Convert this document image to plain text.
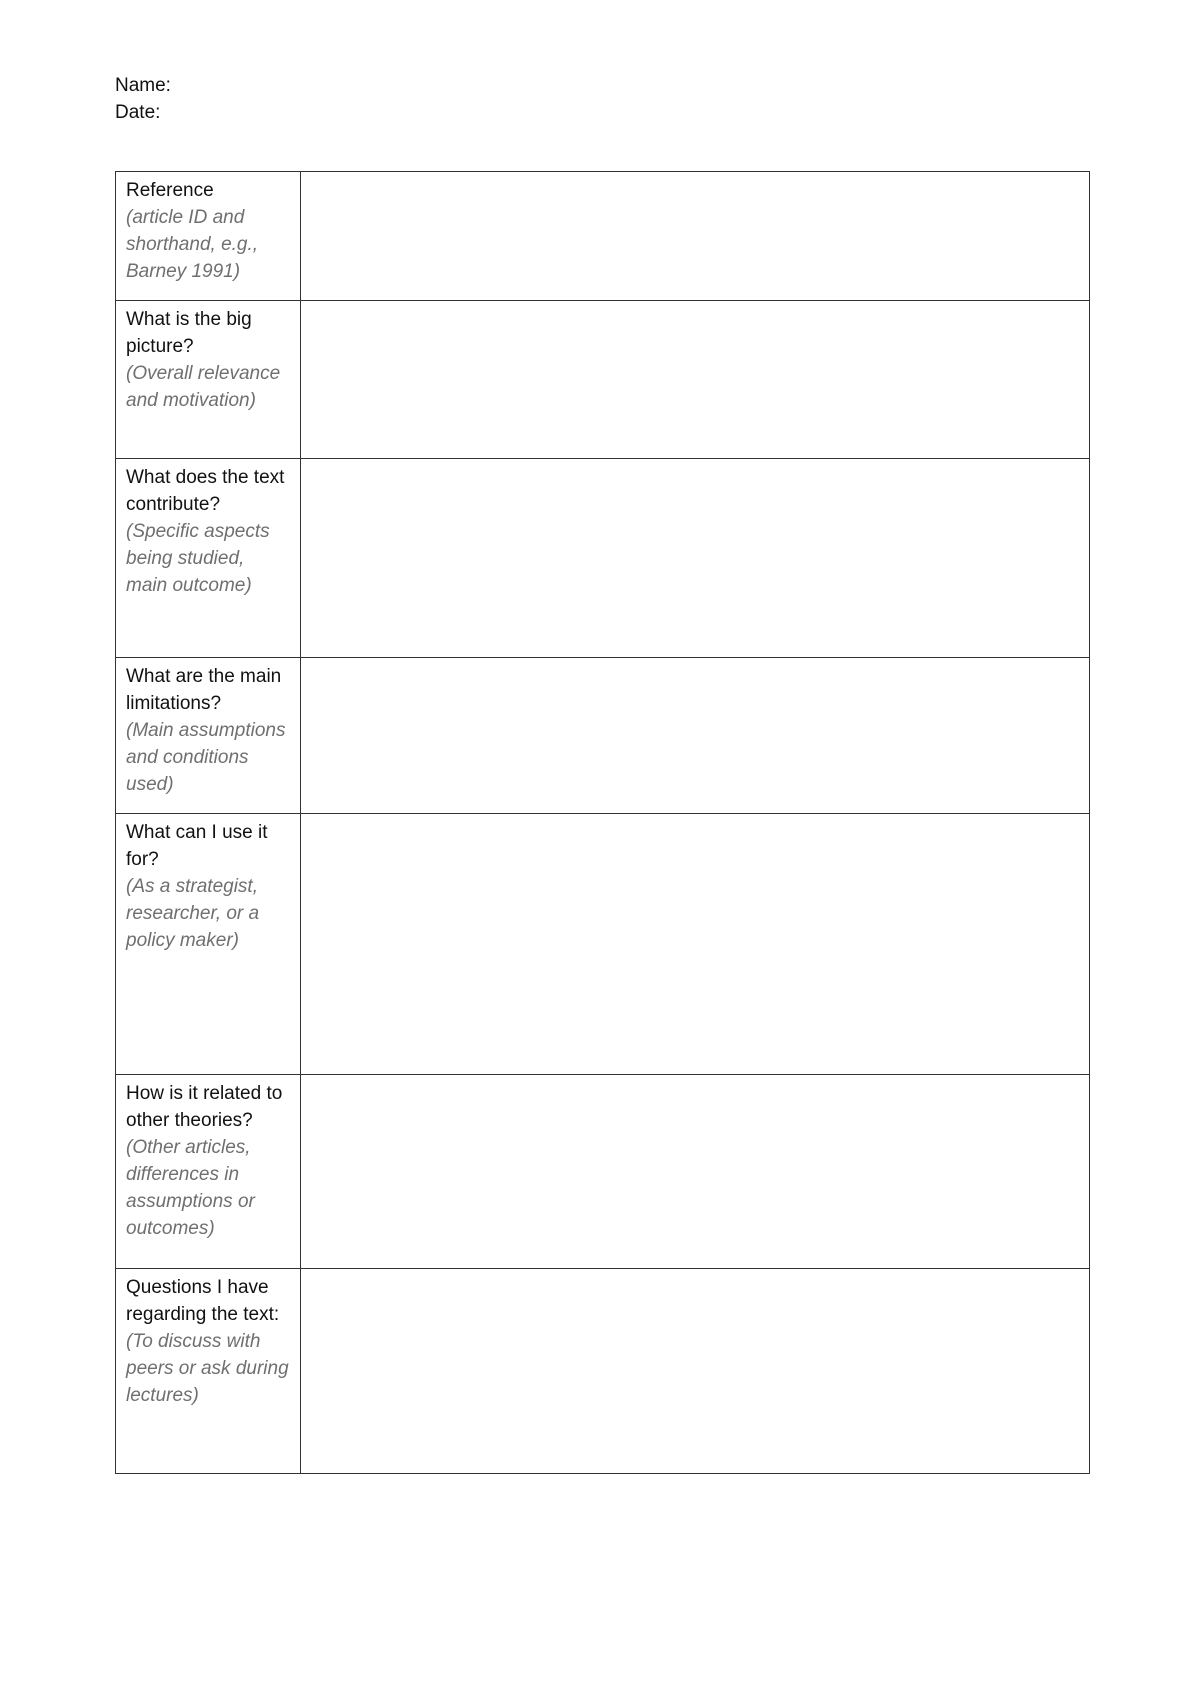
Name:
Date:
Reference
(article ID and shorthand, e.g., Barney 1991)	

What is the big picture?
(Overall relevance and motivation)	

What does the text contribute?
(Specific aspects being studied, main outcome)	

What are the main limitations?
(Main assumptions and conditions used)	

What can I use it for?
(As a strategist, researcher, or a policy maker)	

How is it related to other theories?
(Other articles, differences in assumptions or outcomes)	

Questions I have regarding the text:
(To discuss with peers or ask during lectures)	
